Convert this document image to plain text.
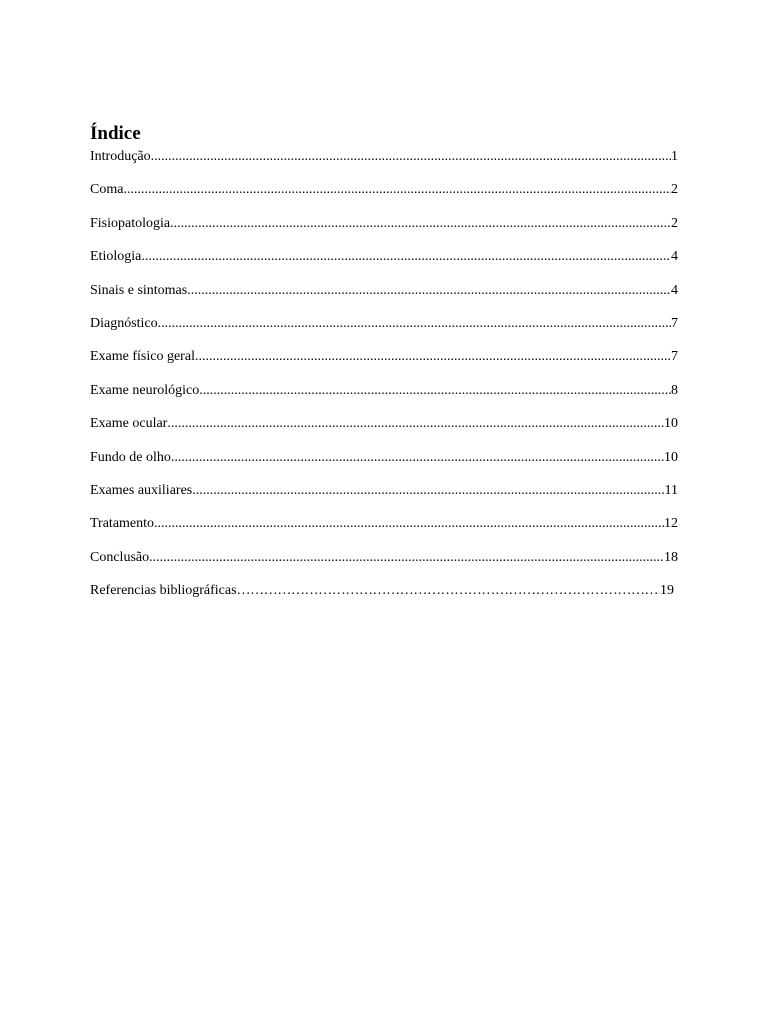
Índice
Introdução .....	1
Coma .....	2
Fisiopatologia .....	2
Etiologia .....	4
Sinais e sintomas .....	4
Diagnóstico .....	7
Exame físico geral .....	7
Exame neurológico .....	8
Exame ocular .....	10
Fundo de olho .....	10
Exames auxiliares .....	11
Tratamento .....	12
Conclusão .....	18
Referencias bibliográficas ………………………………………………………………………………………………………………………………………………………………………………………………	19
